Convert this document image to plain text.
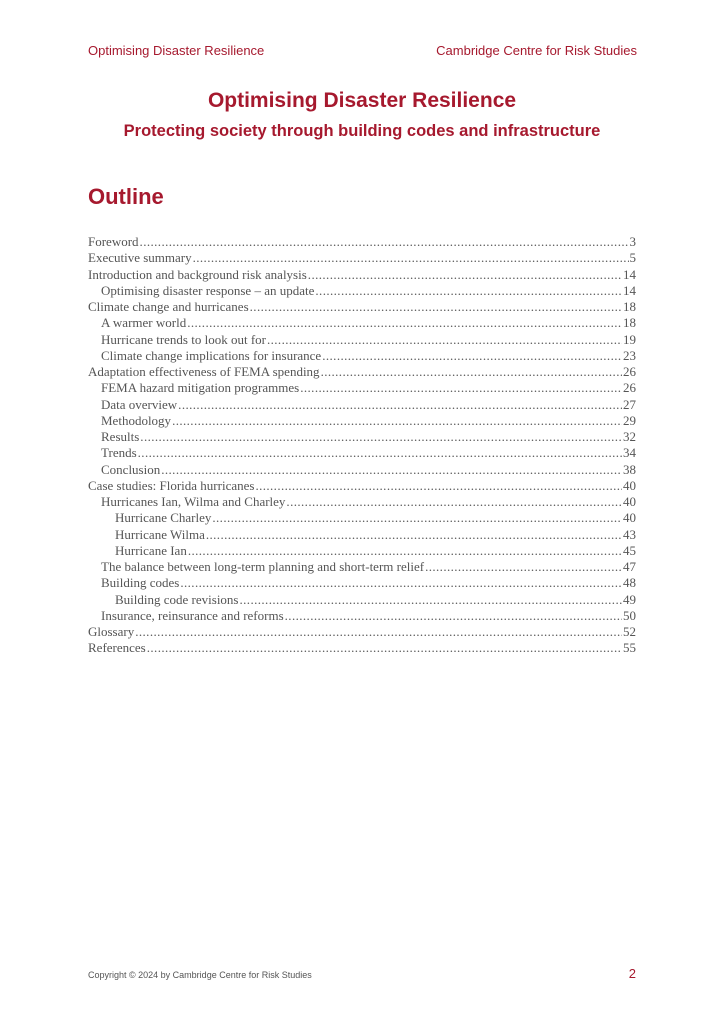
Optimising Disaster Resilience	Cambridge Centre for Risk Studies
Optimising Disaster Resilience
Protecting society through building codes and infrastructure
Outline
Foreword .....	3
Executive summary .....	5
Introduction and background risk analysis .....	14
Optimising disaster response – an update .....	14
Climate change and hurricanes .....	18
A warmer world .....	18
Hurricane trends to look out for .....	19
Climate change implications for insurance .....	23
Adaptation effectiveness of FEMA spending .....	26
FEMA hazard mitigation programmes .....	26
Data overview .....	27
Methodology .....	29
Results .....	32
Trends .....	34
Conclusion .....	38
Case studies: Florida hurricanes .....	40
Hurricanes Ian, Wilma and Charley .....	40
Hurricane Charley .....	40
Hurricane Wilma .....	43
Hurricane Ian .....	45
The balance between long-term planning and short-term relief .....	47
Building codes .....	48
Building code revisions .....	49
Insurance, reinsurance and reforms .....	50
Glossary .....	52
References .....	55
Copyright © 2024 by Cambridge Centre for Risk Studies	2
